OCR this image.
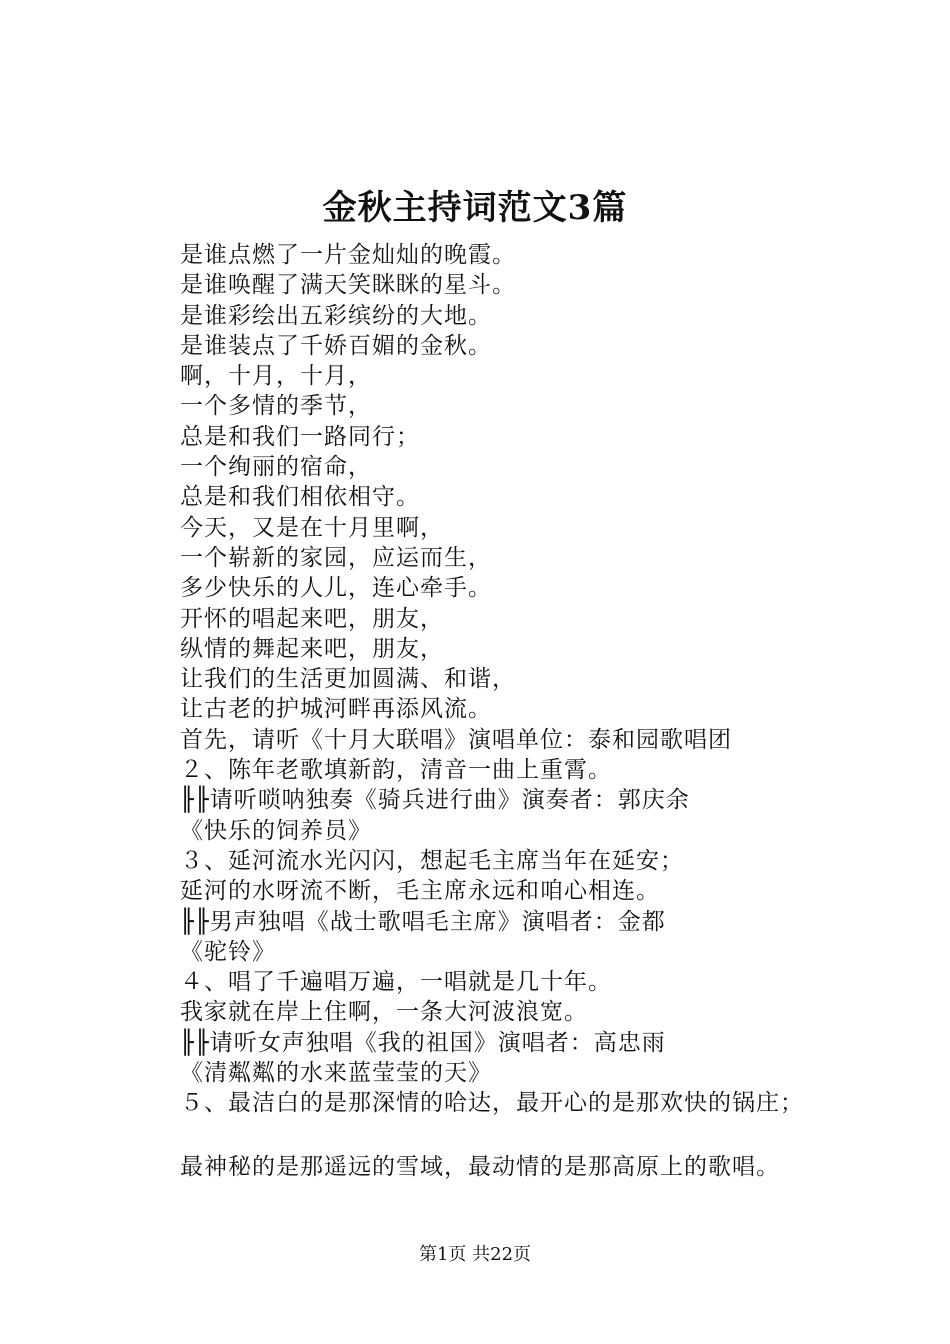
金秋主持词范文3篇
是谁点燃了一片金灿灿的晚霞。
是谁唤醒了满天笑眯眯的星斗。
是谁彩绘出五彩缤纷的大地。
是谁装点了千娇百媚的金秋。
啊，十月，十月，
一个多情的季节，
总是和我们一路同行；
一个绚丽的宿命，
总是和我们相依相守。
今天，又是在十月里啊，
一个崭新的家园，应运而生，
多少快乐的人儿，连心牵手。
开怀的唱起来吧，朋友，
纵情的舞起来吧，朋友，
让我们的生活更加圆满、和谐，
让古老的护城河畔再添风流。
首先，请听《十月大联唱》演唱单位：泰和园歌唱团
２、陈年老歌填新韵，清音一曲上重霄。
╟╟请听唢呐独奏《骑兵进行曲》演奏者：郭庆余
《快乐的饲养员》
３、延河流水光闪闪，想起毛主席当年在延安；
延河的水呀流不断，毛主席永远和咱心相连。
╟╟男声独唱《战士歌唱毛主席》演唱者：金都
《驼铃》
４、唱了千遍唱万遍，一唱就是几十年。
我家就在岸上住啊，一条大河波浪宽。
╟╟请听女声独唱《我的祖国》演唱者：高忠雨
《清粼粼的水来蓝莹莹的天》
５、最洁白的是那深情的哈达，最开心的是那欢快的锅庄；
最神秘的是那遥远的雪域，最动情的是那高原上的歌唱。
第1页 共22页
